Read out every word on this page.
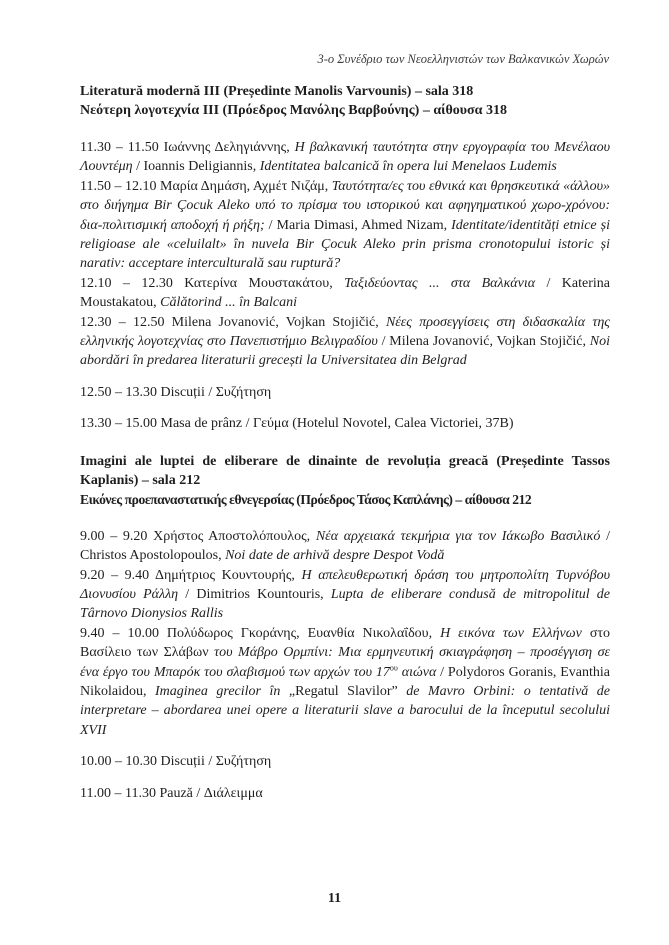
3-ο Συνέδριο των Νεοελληνιστών των Βαλκανικών Χωρών
Literatură modernă III (Președinte Manolis Varvounis) – sala 318
Νεότερη λογοτεχνία ΙΙΙ (Πρόεδρος Μανόλης Βαρβούνης) – αίθουσα 318
11.30 – 11.50 Ιωάννης Δεληγιάννης, Η βαλκανική ταυτότητα στην εργογραφία του Μενέλαου Λουντέμη / Ioannis Deligiannis, Identitatea balcanică în opera lui Menelaos Ludemis
11.50 – 12.10 Μαρία Δημάση, Αχμέτ Νιζάμ, Ταυτότητα/ες του εθνικά και θρησκευτικά «άλλου» στο διήγημα Bir Çocuk Aleko υπό το πρίσμα του ιστορικού και αφηγηματικού χωρο-χρόνου: δια-πολιτισμική αποδοχή ή ρήξη; / Maria Dimasi, Ahmed Nizam, Identitate/identități etnice și religioase ale «celuilalt» în nuvela Bir Çocuk Aleko prin prisma cronotopului istoric și narativ: acceptare interculturală sau ruptură?
12.10 – 12.30 Κατερίνα Μουστακάτου, Ταξιδεύοντας ... στα Βαλκάνια / Katerina Moustakatou, Călătorind ... în Balcani
12.30 – 12.50 Milena Jovanović, Vojkan Stojičić, Νέες προσεγγίσεις στη διδασκαλία της ελληνικής λογοτεχνίας στο Πανεπιστήμιο Βελιγραδίου / Milena Jovanović, Vojkan Stojičić, Noi abordări în predarea literaturii grecești la Universitatea din Belgrad
12.50 – 13.30 Discuții / Συζήτηση
13.30 – 15.00 Masa de prânz / Γεύμα (Hotelul Novotel, Calea Victoriei, 37B)
Imagini ale luptei de eliberare de dinainte de revoluția greacă (Președinte Tassos Kaplanis) – sala 212
Εικόνες προεπαναστατικής εθνεγερσίας (Πρόεδρος Τάσος Καπλάνης) – αίθουσα 212
9.00 – 9.20 Χρήστος Αποστολόπουλος, Νέα αρχειακά τεκμήρια για τον Ιάκωβο Βασιλικό / Christos Apostolopoulos, Noi date de arhivă despre Despot Vodă
9.20 – 9.40 Δημήτριος Κουντουρής, Η απελευθερωτική δράση του μητροπολίτη Τυρνόβου Διονυσίου Ράλλη / Dimitrios Kountouris, Lupta de eliberare condusă de mitropolitul de Târnovo Dionysios Rallis
9.40 – 10.00 Πολύδωρος Γκοράνης, Ευανθία Νικολαΐδου, Η εικόνα των Ελλήνων στο Βασίλειο των Σλάβων του Μάβρο Ορμπίνι: Μια ερμηνευτική σκιαγράφηση – προσέγγιση σε ένα έργο του Μπαρόκ του σλαβισμού των αρχών του $17^{o\upsilon}$ αιώνα / Polydoros Goranis, Evanthia Nikolaidou, Imaginea grecilor în „Regatul Slavilor” de Mavro Orbini: o tentativă de interpretare – abordarea unei opere a literaturii slave a barocului de la începutul secolului XVII
10.00 – 10.30 Discuții / Συζήτηση
11.00 – 11.30 Pauză / Διάλειμμα
11
